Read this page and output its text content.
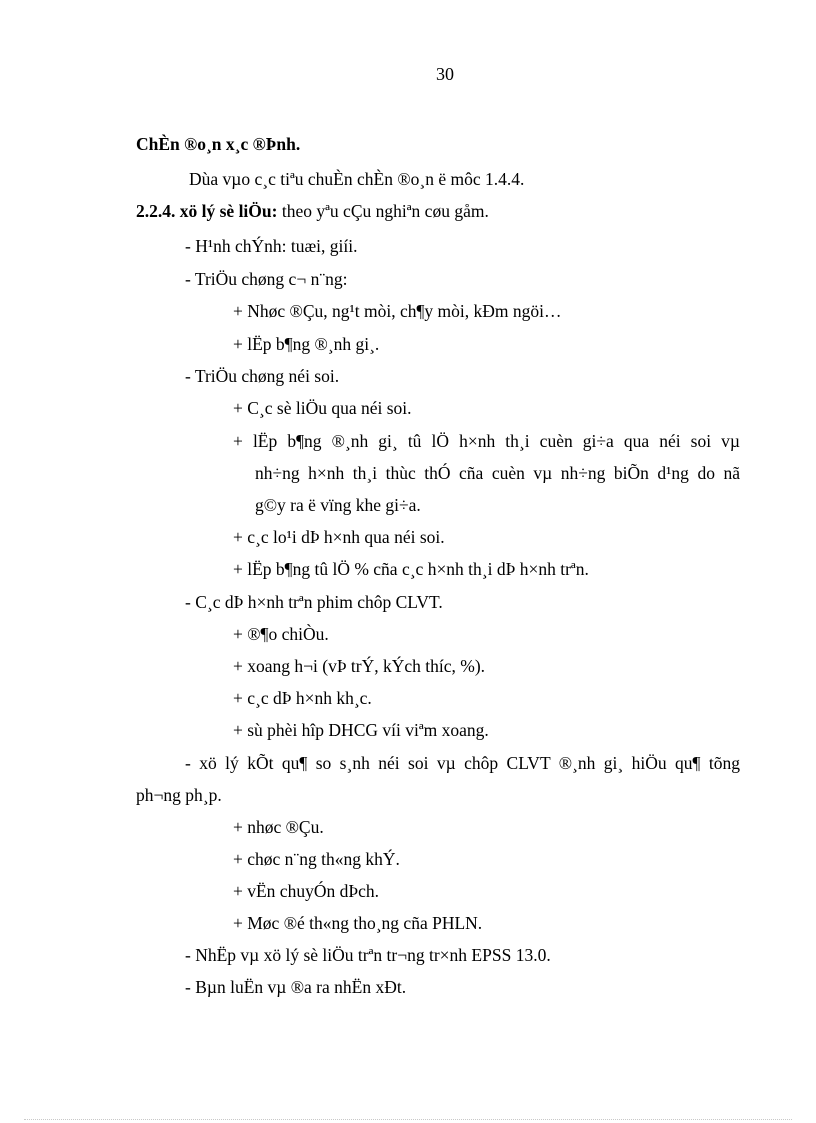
30
ChÈn ®o¸n x¸c ®Þnh.
Dùa vµo c¸c tiªu chuÈn chÈn ®o¸n ë môc 1.4.4.
2.2.4. xö lý sè liÖu: theo yªu cÇu nghiªn cøu gåm.
- H¹nh chÝnh: tuæi, giíi.
- TriÖu chøng c¬ n¨ng:
+ Nhøc ®Çu, ng¹t mòi, ch¶y mòi, kÐm ngöi…
+ lËp b¶ng ®¸nh gi¸.
- TriÖu chøng néi soi.
+ C¸c sè liÖu qua néi soi.
+ lËp b¶ng ®¸nh gi¸ tû lÖ h×nh th¸i cuèn gi÷a qua néi soi vµ
nh÷ng h×nh th¸i thùc thÓ cña cuèn vµ nh÷ng biÕn d¹ng do nã
g©y ra ë vïng khe gi÷a.
+ c¸c lo¹i dÞ h×nh qua néi soi.
+ lËp b¶ng tû lÖ % cña c¸c h×nh th¸i dÞ h×nh trªn.
- C¸c dÞ h×nh trªn phim chôp CLVT.
+ ®¶o chiÒu.
+ xoang h¬i (vÞ trÝ, kÝch thíc, %).
+ c¸c dÞ h×nh kh¸c.
+ sù phèi hîp DHCG víi viªm xoang.
- xö lý kÕt qu¶ so s¸nh néi soi vµ chôp CLVT ®¸nh gi¸ hiÖu qu¶ tõng
ph¬ng ph¸p.
+ nhøc ®Çu.
+ chøc n¨ng th«ng khÝ.
+ vËn chuyÓn dÞch.
+ Møc ®é th«ng tho¸ng cña PHLN.
- NhËp vµ xö lý sè liÖu trªn tr¬ng tr×nh EPSS 13.0.
- Bµn luËn vµ ®a ra nhËn xÐt.
